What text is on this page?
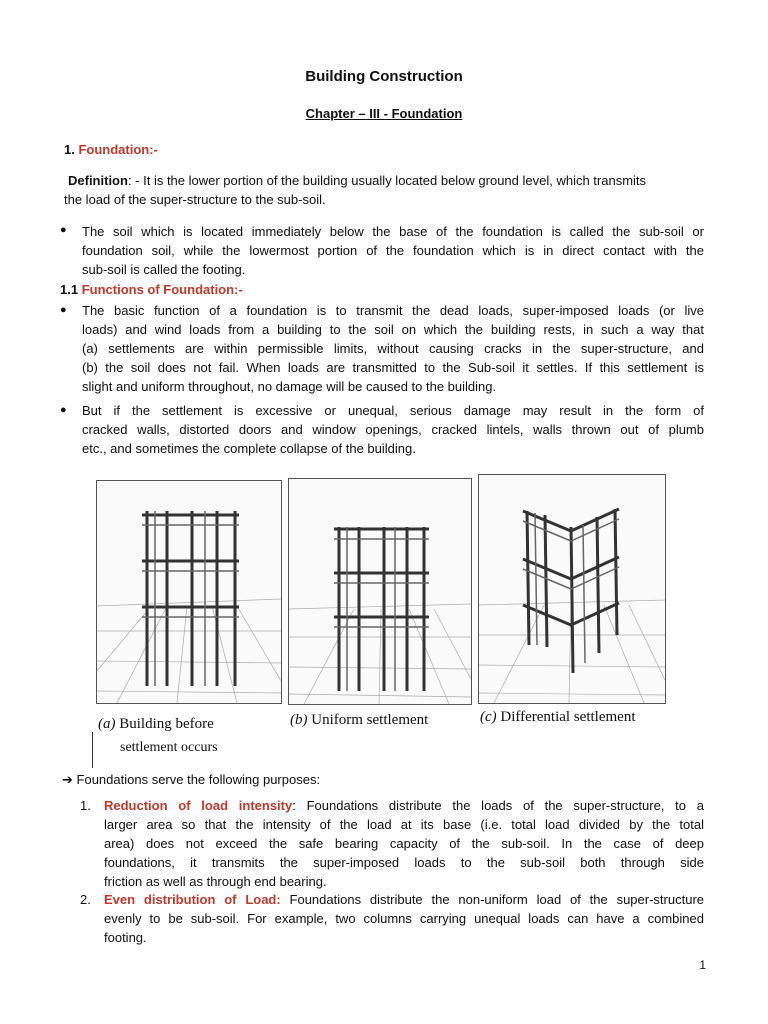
Building Construction
Chapter – III - Foundation
1. Foundation:-
Definition: - It is the lower portion of the building usually located below ground level, which transmits
the load of the super-structure to the sub-soil.
● The soil which is located immediately below the base of the foundation is called the sub-soil or
foundation soil, while the lowermost portion of the foundation which is in direct contact with the
sub-soil is called the footing.
1.1 Functions of Foundation:-
● The basic function of a foundation is to transmit the dead loads, super-imposed loads (or live
loads) and wind loads from a building to the soil on which the building rests, in such a way that
(a) settlements are within permissible limits, without causing cracks in the super-structure, and
(b) the soil does not fail. When loads are transmitted to the Sub-soil it settles. If this settlement is
slight and uniform throughout, no damage will be caused to the building.
● But if the settlement is excessive or unequal, serious damage may result in the form of
cracked walls, distorted doors and window openings, cracked lintels, walls thrown out of plumb
etc., and sometimes the complete collapse of the building.
(a) Building before
settlement occurs
(b) Uniform settlement	(c) Differential settlement
➔ Foundations serve the following purposes:
1. Reduction of load intensity: Foundations distribute the loads of the super-structure, to a
larger area so that the intensity of the load at its base (i.e. total load divided by the total
area) does not exceed the safe bearing capacity of the sub-soil. In the case of deep
foundations, it transmits the super-imposed loads to the sub-soil both through side
friction as well as through end bearing.
2. Even distribution of Load: Foundations distribute the non-uniform load of the super-structure
evenly to be sub-soil. For example, two columns carrying unequal loads can have a combined
footing.
1
